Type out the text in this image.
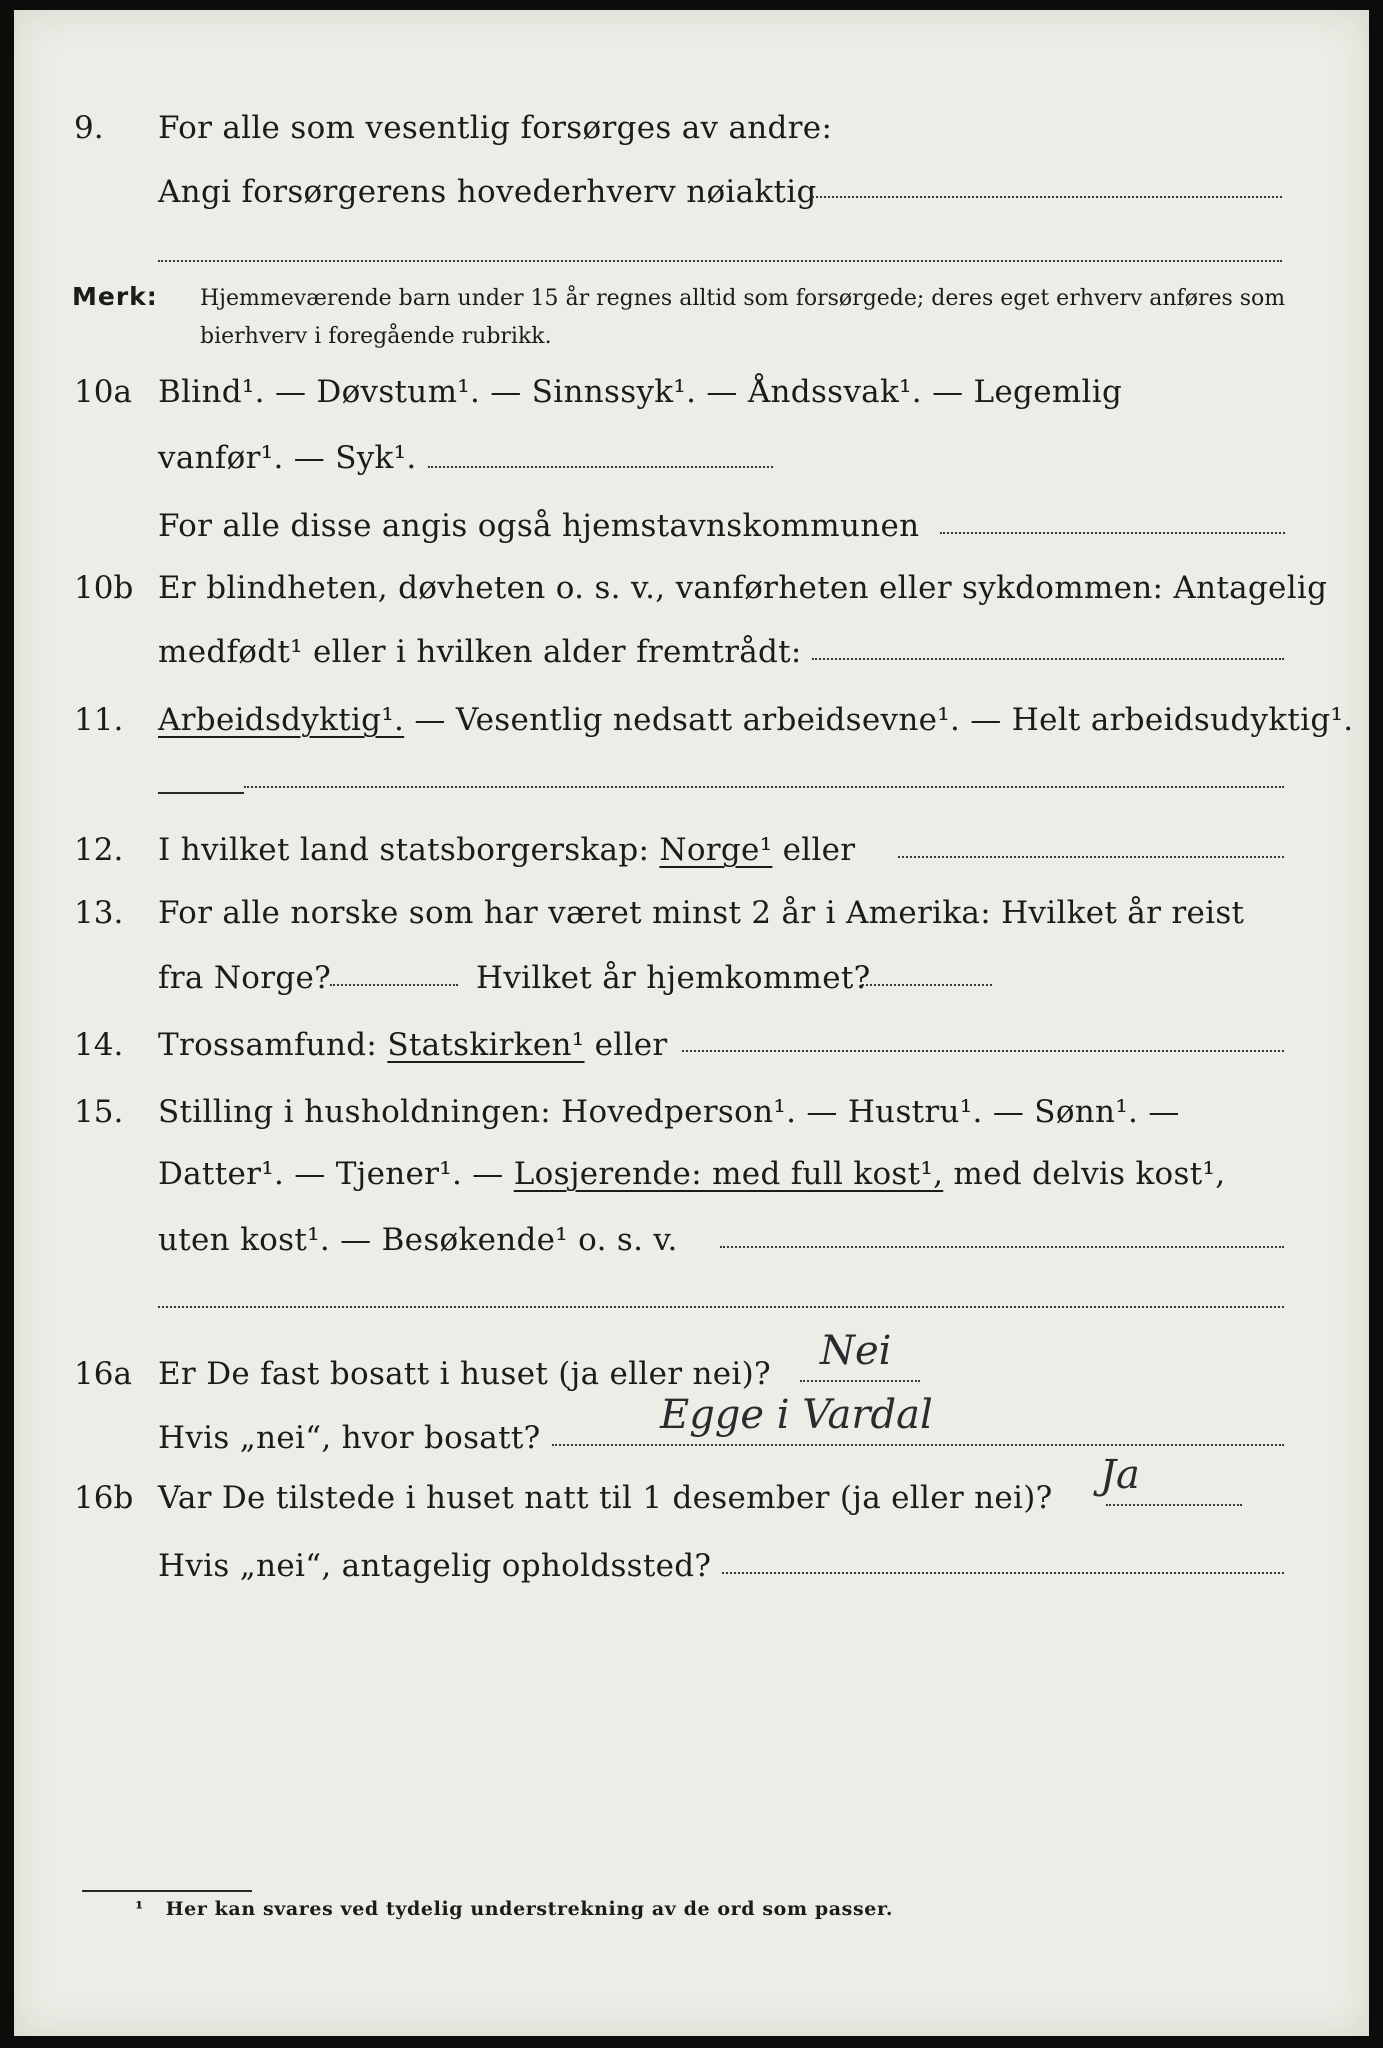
9. For alle som vesentlig forsørges av andre:
Angi forsørgerens hovederhverv nøiaktig
Merk: Hjemmeværende barn under 15 år regnes alltid som forsørgede; deres eget erhverv anføres som bierhverv i foregående rubrikk.
10a Blind¹. — Døvstum¹. — Sinnssyk¹. — Åndssvak¹. — Legemlig
vanfør¹. — Syk¹.
For alle disse angis også hjemstavnskommunen
10b Er blindheten, døvheten o. s. v., vanførheten eller sykdommen: Antagelig
medfødt¹ eller i hvilken alder fremtrådt:
11. Arbeidsdyktig¹. — Vesentlig nedsatt arbeidsevne¹. — Helt arbeidsudyktig¹.
12. I hvilket land statsborgerskap: Norge¹ eller
13. For alle norske som har været minst 2 år i Amerika: Hvilket år reist
fra Norge?	Hvilket år hjemkommet?
14. Trossamfund: Statskirken¹ eller
15. Stilling i husholdningen: Hovedperson¹. — Hustru¹. — Sønn¹. —
Datter¹. — Tjener¹. — Losjerende: med full kost¹, med delvis kost¹,
uten kost¹. — Besøkende¹ o. s. v.
16a Er De fast bosatt i huset (ja eller nei)? Nei
Hvis „nei“, hvor bosatt?	Egge i Vardal
16b Var De tilstede i huset natt til 1 desember (ja eller nei)? Ja
Hvis „nei“, antagelig opholdssted?
¹ Her kan svares ved tydelig understrekning av de ord som passer.
